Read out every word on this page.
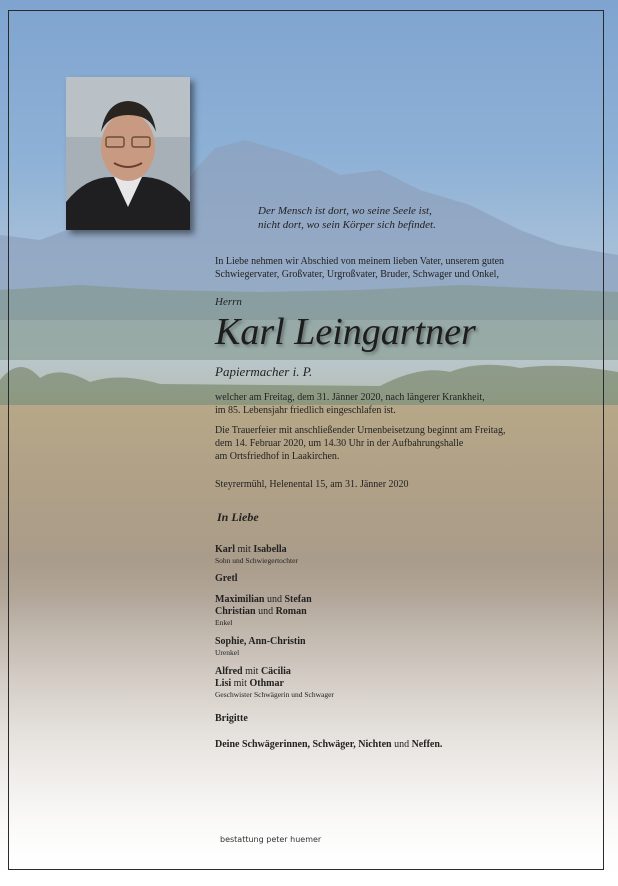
Der Mensch ist dort, wo seine Seele ist,
nicht dort, wo sein Körper sich befindet.
In Liebe nehmen wir Abschied von meinem lieben Vater, unserem guten
Schwiegervater, Großvater, Urgroßvater, Bruder, Schwager und Onkel,
Herrn
Karl Leingartner
Papiermacher i. P.
welcher am Freitag, dem 31. Jänner 2020, nach längerer Krankheit,
im 85. Lebensjahr friedlich eingeschlafen ist.
Die Trauerfeier mit anschließender Urnenbeisetzung beginnt am Freitag,
dem 14. Februar 2020, um 14.30 Uhr in der Aufbahrungshalle
am Ortsfriedhof in Laakirchen.
Steyrermühl, Helenental 15, am 31. Jänner 2020
In Liebe
Karl mit Isabella
Sohn und Schwiegertochter
Gretl
Maximilian und Stefan
Christian und Roman
Enkel
Sophie, Ann-Christin
Urenkel
Alfred mit Cäcilia
Lisi mit Othmar
Geschwister Schwägerin und Schwager
Brigitte
Deine Schwägerinnen, Schwäger, Nichten und Neffen.
bestattung peter huemer
